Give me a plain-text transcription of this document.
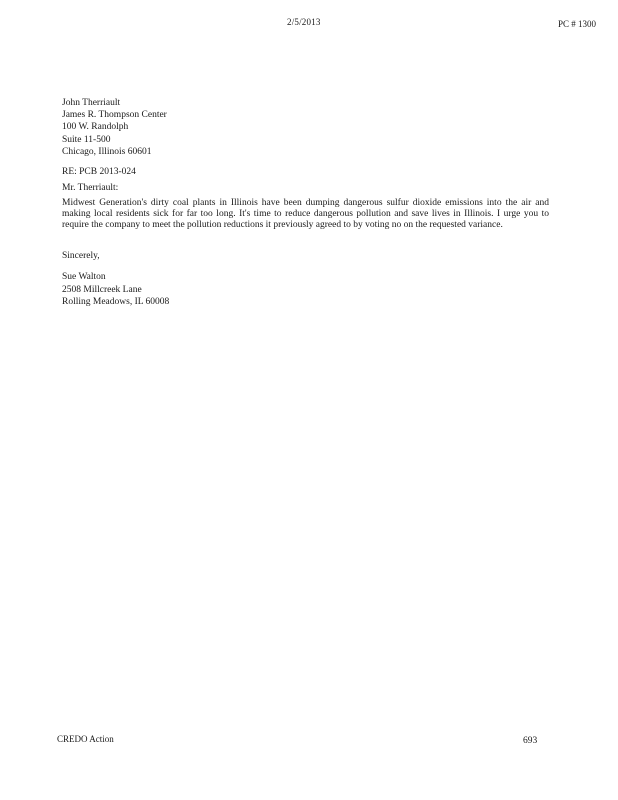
2/5/2013	PC # 1300
John Therriault
James R. Thompson Center
100 W. Randolph
Suite 11-500
Chicago, Illinois 60601
RE: PCB 2013-024
Mr. Therriault:
Midwest Generation's dirty coal plants in Illinois have been dumping dangerous sulfur dioxide emissions into the air and making local residents sick for far too long. It's time to reduce dangerous pollution and save lives in Illinois. I urge you to require the company to meet the pollution reductions it previously agreed to by voting no on the requested variance.
Sincerely,
Sue Walton
2508 Millcreek Lane
Rolling Meadows, IL 60008
CREDO Action	693
